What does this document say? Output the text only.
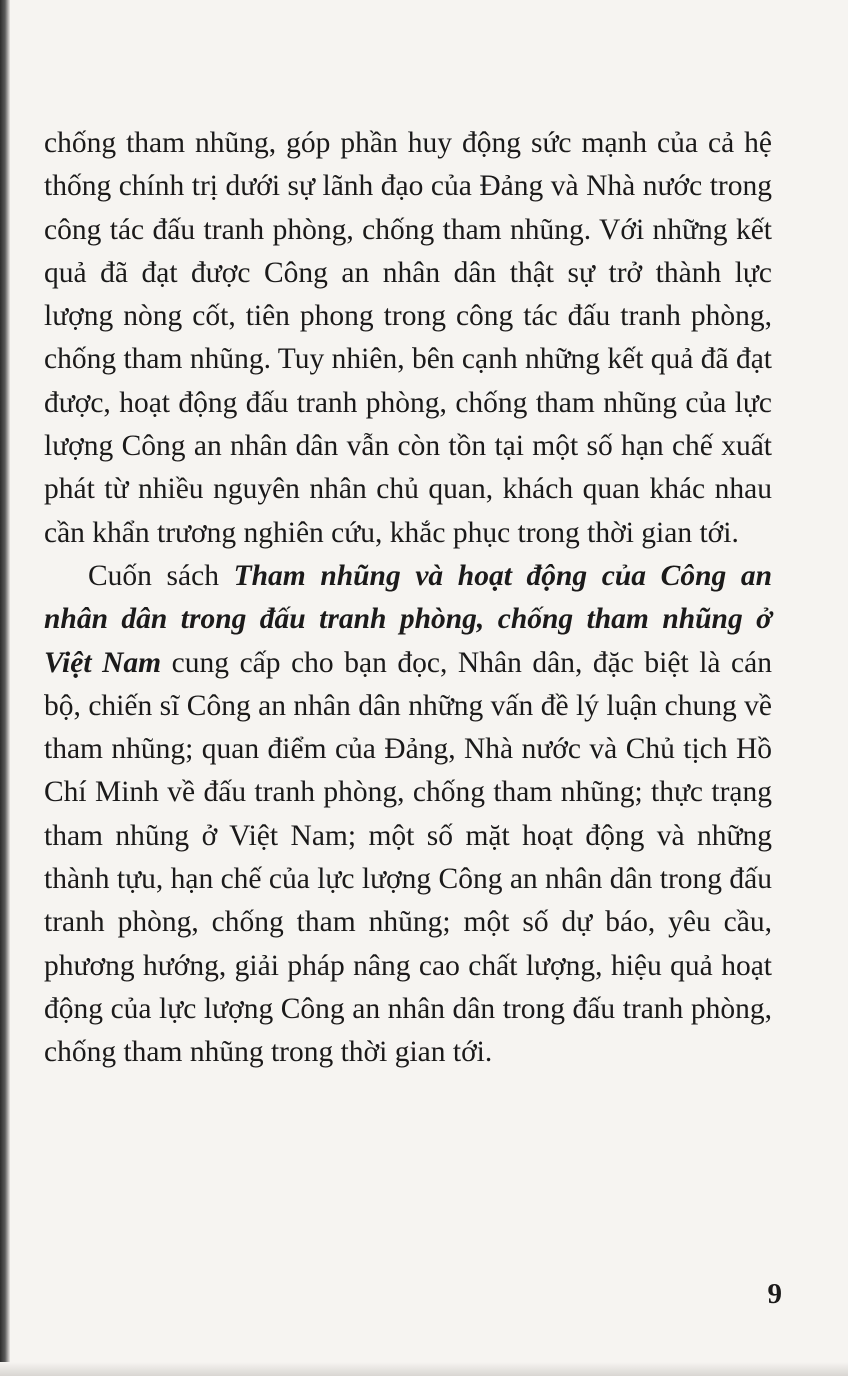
chống tham nhũng, góp phần huy động sức mạnh của cả hệ thống chính trị dưới sự lãnh đạo của Đảng và Nhà nước trong công tác đấu tranh phòng, chống tham nhũng. Với những kết quả đã đạt được Công an nhân dân thật sự trở thành lực lượng nòng cốt, tiên phong trong công tác đấu tranh phòng, chống tham nhũng. Tuy nhiên, bên cạnh những kết quả đã đạt được, hoạt động đấu tranh phòng, chống tham nhũng của lực lượng Công an nhân dân vẫn còn tồn tại một số hạn chế xuất phát từ nhiều nguyên nhân chủ quan, khách quan khác nhau cần khẩn trương nghiên cứu, khắc phục trong thời gian tới.

Cuốn sách Tham nhũng và hoạt động của Công an nhân dân trong đấu tranh phòng, chống tham nhũng ở Việt Nam cung cấp cho bạn đọc, Nhân dân, đặc biệt là cán bộ, chiến sĩ Công an nhân dân những vấn đề lý luận chung về tham nhũng; quan điểm của Đảng, Nhà nước và Chủ tịch Hồ Chí Minh về đấu tranh phòng, chống tham nhũng; thực trạng tham nhũng ở Việt Nam; một số mặt hoạt động và những thành tựu, hạn chế của lực lượng Công an nhân dân trong đấu tranh phòng, chống tham nhũng; một số dự báo, yêu cầu, phương hướng, giải pháp nâng cao chất lượng, hiệu quả hoạt động của lực lượng Công an nhân dân trong đấu tranh phòng, chống tham nhũng trong thời gian tới.

9
